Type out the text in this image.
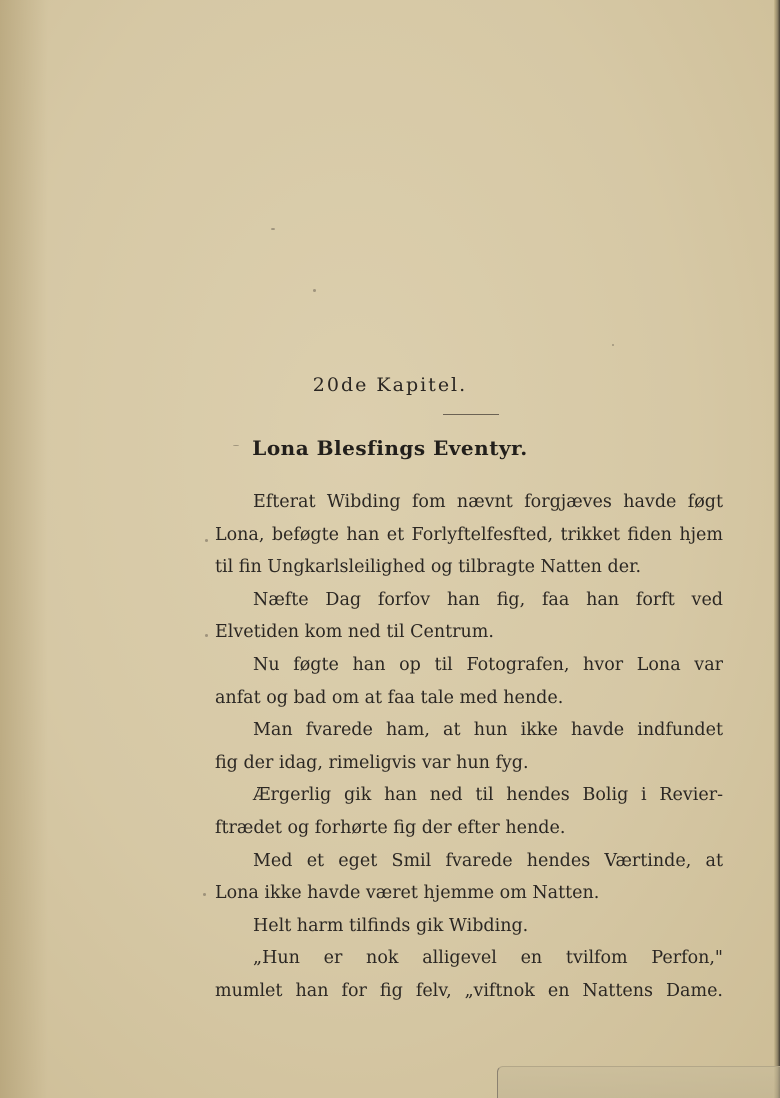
20de Kapitel.
Lona Blesfings Eventyr.
Efterat Wibding fom nævnt forgjæves havde føgt
Lona, beføgte han et Forlyftelfesfted, trikket fiden hjem
til fin Ungkarlsleilighed og tilbragte Natten der.
Næfte Dag forfov han fig, faa han forft ved
Elvetiden kom ned til Centrum.
Nu føgte han op til Fotografen, hvor Lona var
anfat og bad om at faa tale med hende.
Man fvarede ham, at hun ikke havde indfundet
fig der idag, rimeligvis var hun fyg.
Ærgerlig gik han ned til hendes Bolig i Revier-
ftrædet og forhørte fig der efter hende.
Med et eget Smil fvarede hendes Værtinde, at
Lona ikke havde været hjemme om Natten.
Helt harm tilfinds gik Wibding.
„Hun er nok alligevel en tvilfom Perfon,"
mumlet han for fig felv, „viftnok en Nattens Dame.
